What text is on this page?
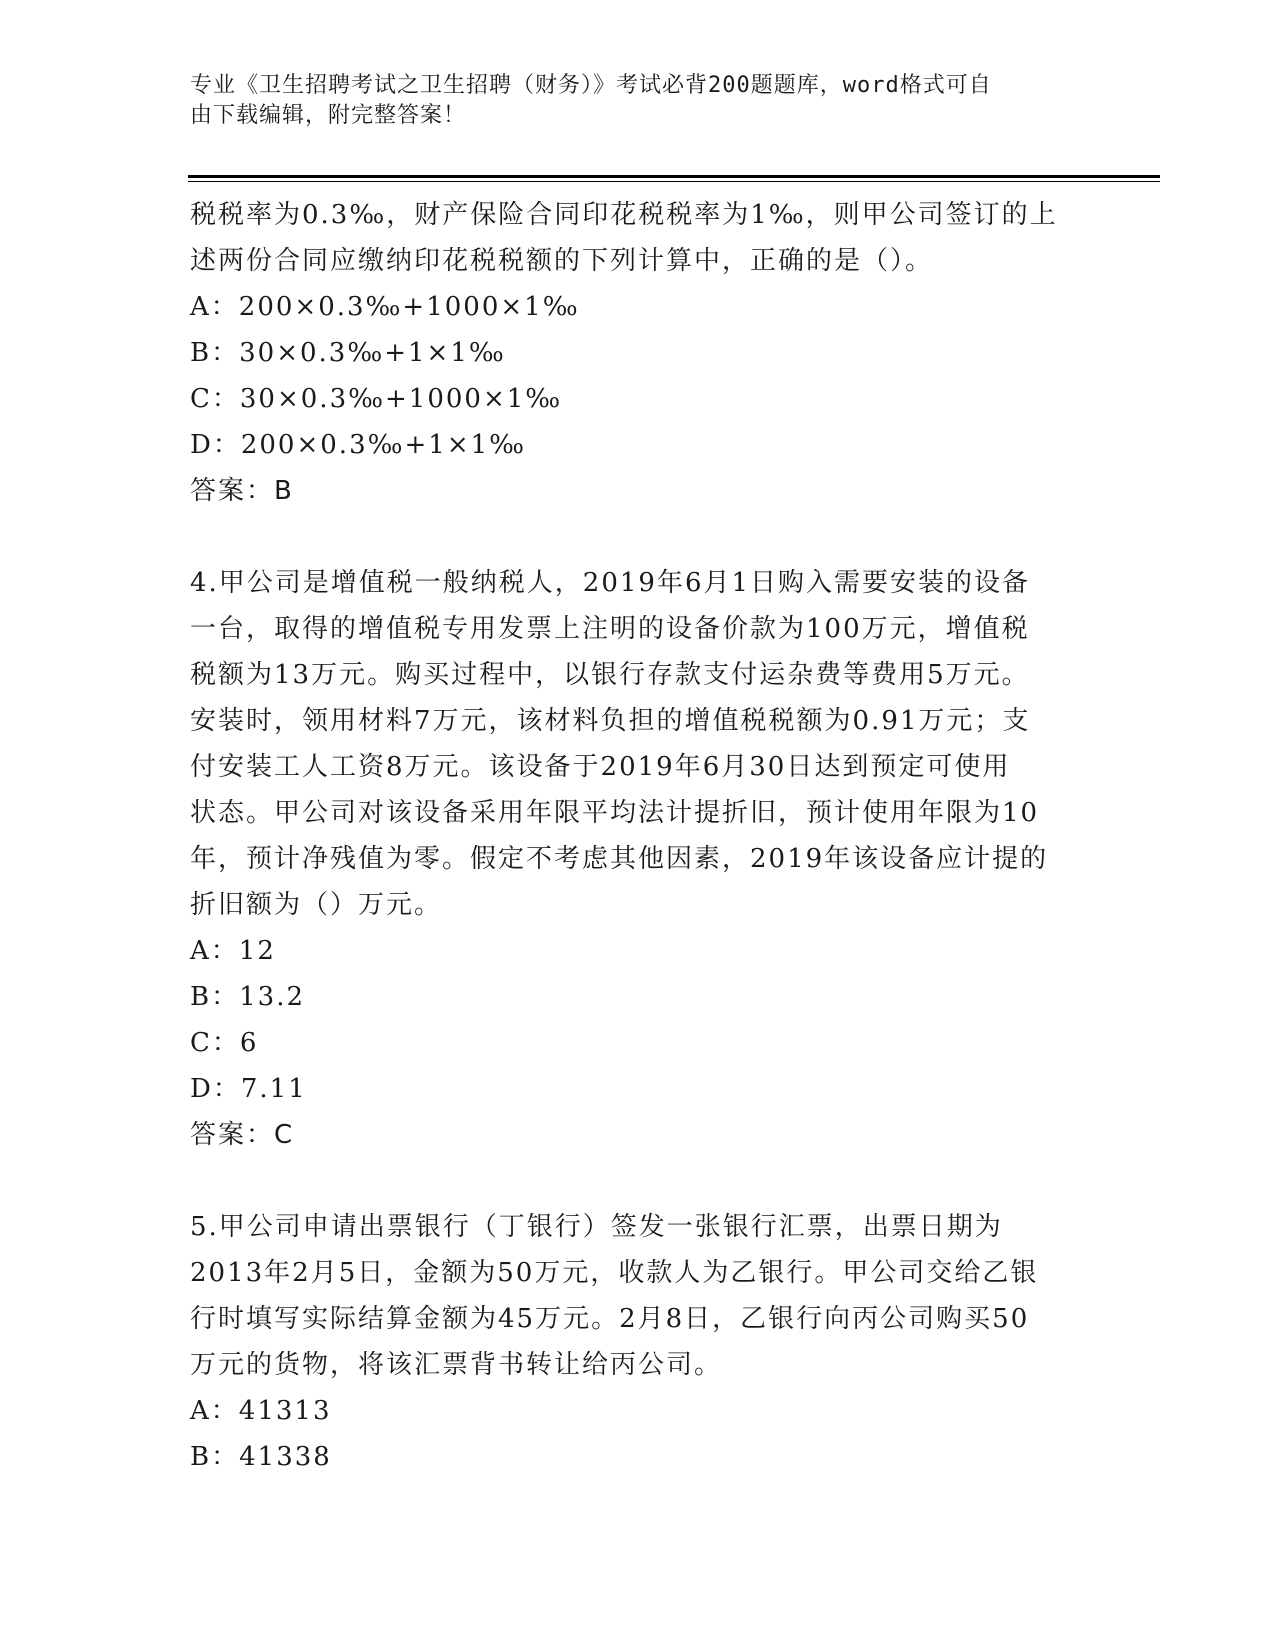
专业《卫生招聘考试之卫生招聘（财务）》考试必背200题题库，word格式可自
由下载编辑，附完整答案！

税税率为0.3‰，财产保险合同印花税税率为1‰，则甲公司签订的上

述两份合同应缴纳印花税税额的下列计算中，正确的是（）。

A：200×0.3‰+1000×1‰

B：30×0.3‰+1×1‰

C：30×0.3‰+1000×1‰

D：200×0.3‰+1×1‰

答案：B

4.甲公司是增值税一般纳税人，2019年6月1日购入需要安装的设备

一台，取得的增值税专用发票上注明的设备价款为100万元，增值税

税额为13万元。购买过程中，以银行存款支付运杂费等费用5万元。

安装时，领用材料7万元，该材料负担的增值税税额为0.91万元；支

付安装工人工资8万元。该设备于2019年6月30日达到预定可使用

状态。甲公司对该设备采用年限平均法计提折旧，预计使用年限为10

年，预计净残值为零。假定不考虑其他因素，2019年该设备应计提的

折旧额为（）万元。

A：12

B：13.2

C：6

D：7.11

答案：C

5.甲公司申请出票银行（丁银行）签发一张银行汇票，出票日期为

2013年2月5日，金额为50万元，收款人为乙银行。甲公司交给乙银

行时填写实际结算金额为45万元。2月8日，乙银行向丙公司购买50

万元的货物，将该汇票背书转让给丙公司。

A：41313

B：41338
